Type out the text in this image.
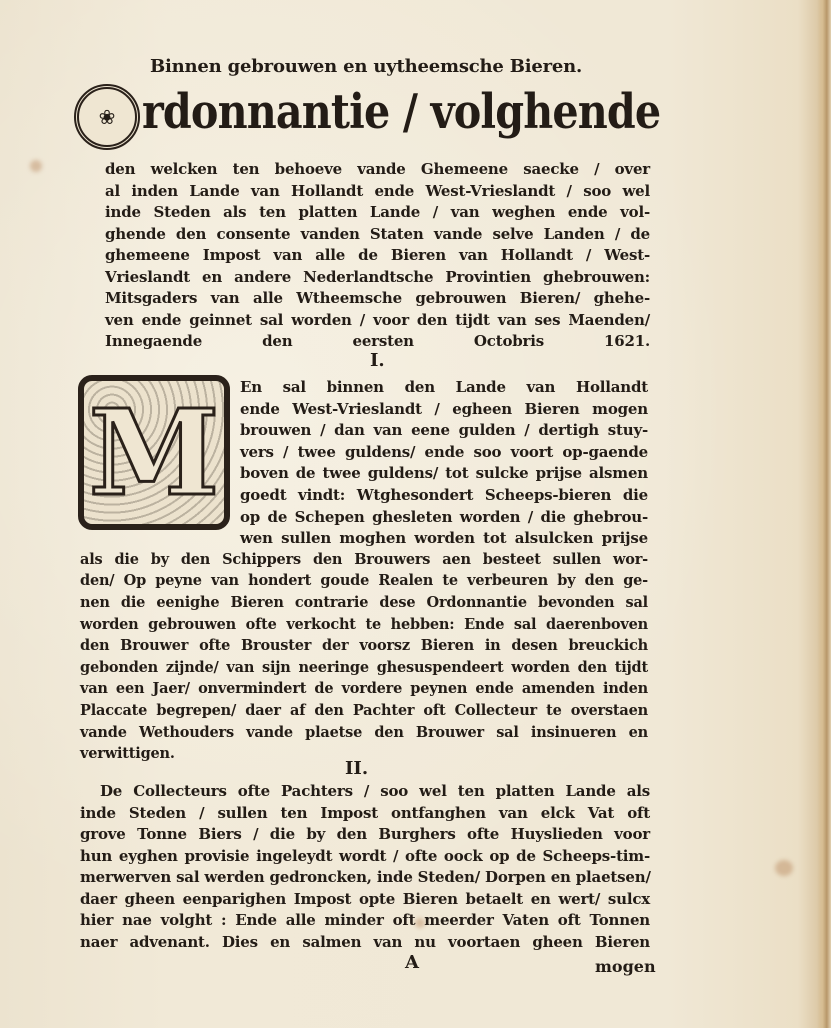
Binnen gebrouwen en uytheemsche Bieren.
❀ rdonnantie / volghende
den welcken ten behoeve vande Ghemeene saecke / over
al inden Lande van Hollandt ende West-Vrieslandt / soo wel
inde Steden als ten platten Lande / van weghen ende vol-
ghende den consente vanden Staten vande selve Landen / de
ghemeene Impost van alle de Bieren van Hollandt / West-
Vrieslandt en andere Nederlandtsche Provintien ghebrouwen:
Mitsgaders van alle Wtheemsche gebrouwen Bieren/ ghehe-
ven ende geinnet sal worden / voor den tijdt van ses Maenden/
Innegaende den eersten Octobris 1621.
I.
M En sal binnen den Lande van Hollandt
ende West-Vrieslandt / egheen Bieren mogen
brouwen / dan van eene gulden / dertigh stuy-
vers / twee guldens/ ende soo voort op-gaende
boven de twee guldens/ tot sulcke prijse alsmen
goedt vindt: Wtghesondert Scheeps-bieren die
op de Schepen ghesleten worden / die ghebrou-
wen sullen moghen worden tot alsulcken prijse
als die by den Schippers den Brouwers aen besteet sullen wor-
den/ Op peyne van hondert goude Realen te verbeuren by den ge-
nen die eenighe Bieren contrarie dese Ordonnantie bevonden sal
worden gebrouwen ofte verkocht te hebben: Ende sal daerenboven
den Brouwer ofte Brouster der voorsz Bieren in desen breuckich
gebonden zijnde/ van sijn neeringe ghesuspendeert worden den tijdt
van een Jaer/ onvermindert de vordere peynen ende amenden inden
Placcate begrepen/ daer af den Pachter oft Collecteur te overstaen
vande Wethouders vande plaetse den Brouwer sal insinueren en
verwittigen.
II.
De Collecteurs ofte Pachters / soo wel ten platten Lande als
inde Steden / sullen ten Impost ontfanghen van elck Vat oft
grove Tonne Biers / die by den Burghers ofte Huyslieden voor
hun eyghen provisie ingeleydt wordt / ofte oock op de Scheeps-tim-
merwerven sal werden gedroncken, inde Steden/ Dorpen en plaetsen/
daer gheen eenparighen Impost opte Bieren betaelt en wert/ sulcx
hier nae volght : Ende alle minder oft meerder Vaten oft Tonnen
naer advenant. Dies en salmen van nu voortaen gheen Bieren
A	mogen
